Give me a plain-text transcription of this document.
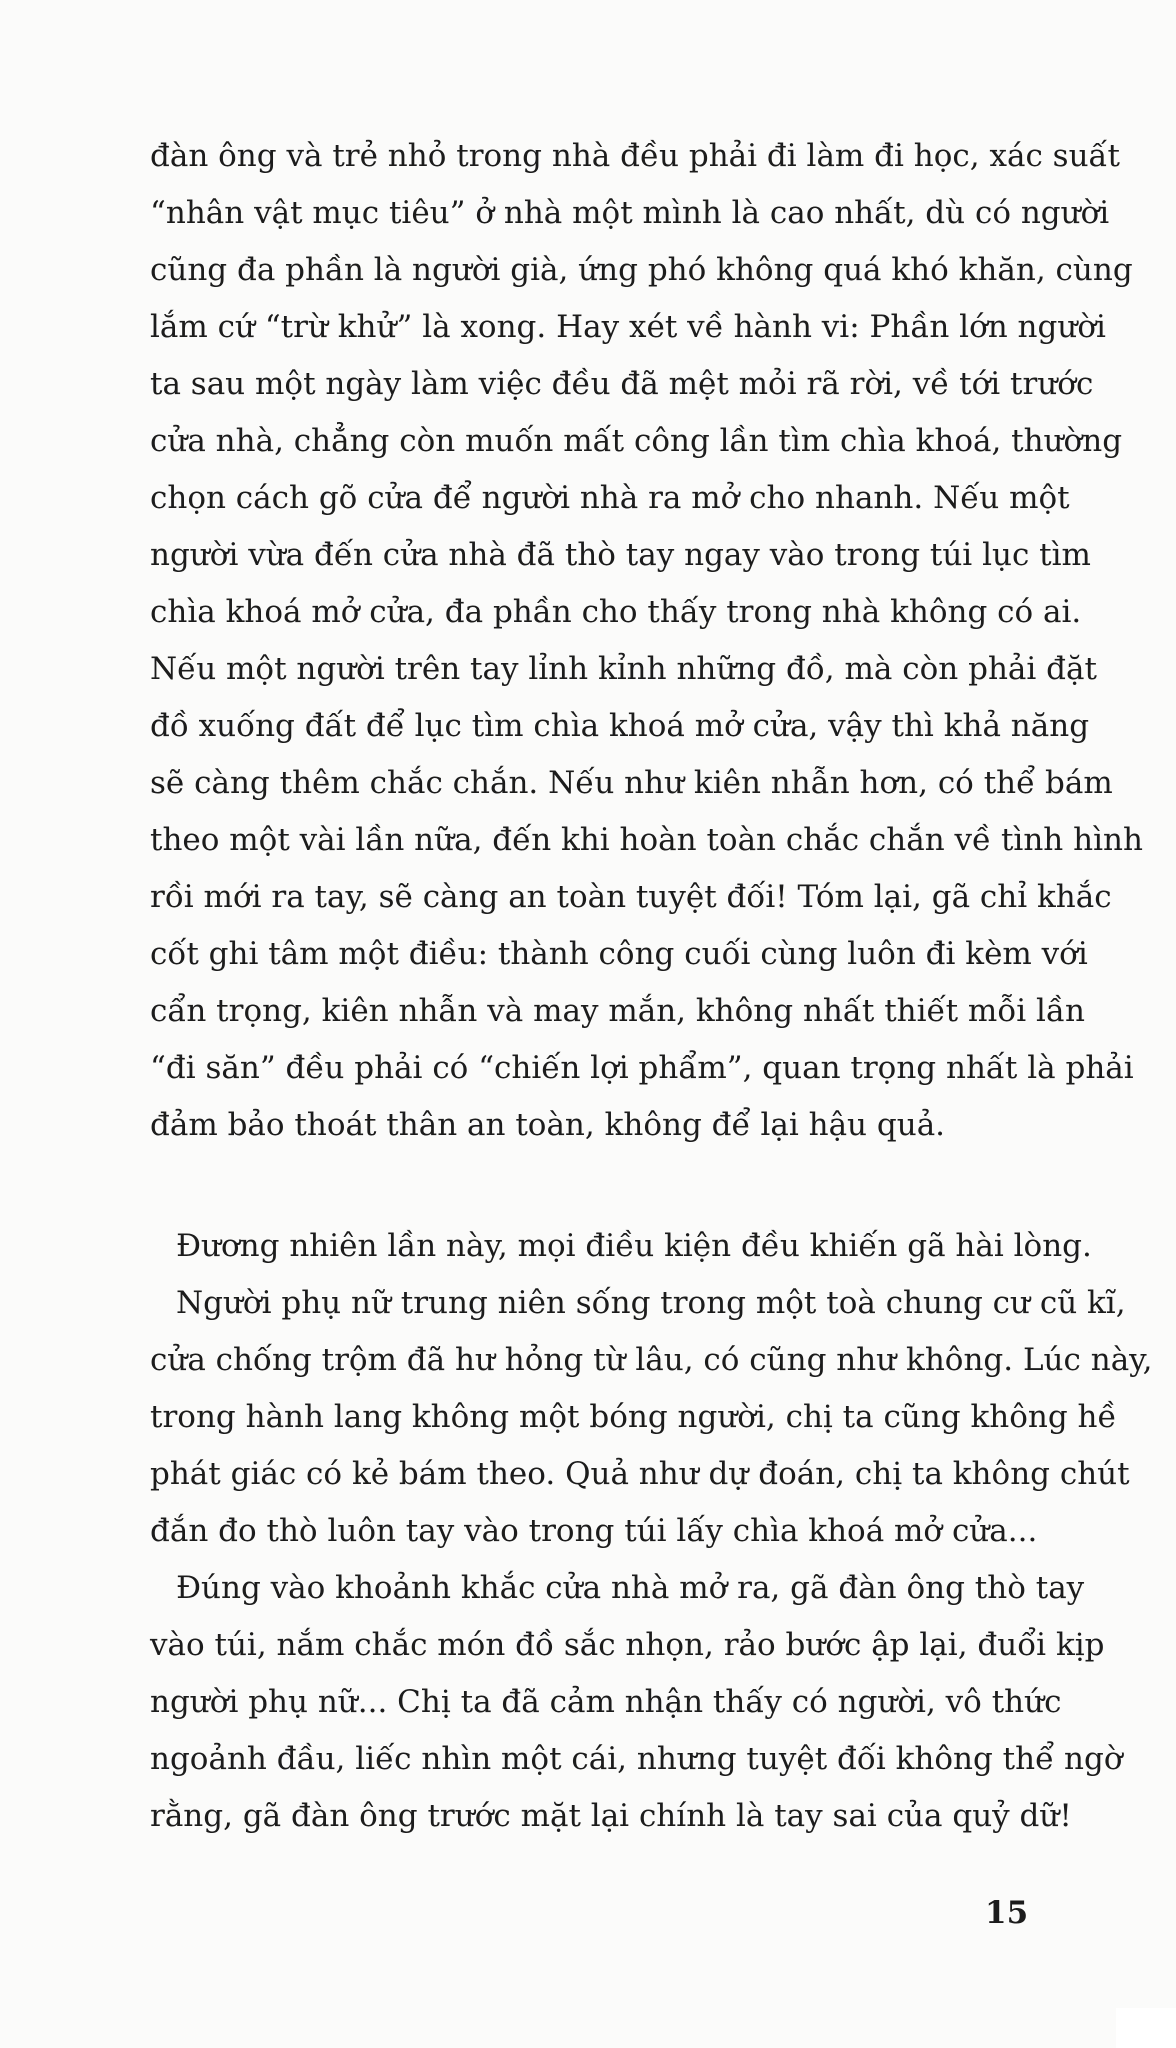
đàn ông và trẻ nhỏ trong nhà đều phải đi làm đi học, xác suất
“nhân vật mục tiêu” ở nhà một mình là cao nhất, dù có người
cũng đa phần là người già, ứng phó không quá khó khăn, cùng
lắm cứ “trừ khử” là xong. Hay xét về hành vi: Phần lớn người
ta sau một ngày làm việc đều đã mệt mỏi rã rời, về tới trước
cửa nhà, chẳng còn muốn mất công lần tìm chìa khoá, thường
chọn cách gõ cửa để người nhà ra mở cho nhanh. Nếu một
người vừa đến cửa nhà đã thò tay ngay vào trong túi lục tìm
chìa khoá mở cửa, đa phần cho thấy trong nhà không có ai.
Nếu một người trên tay lỉnh kỉnh những đồ, mà còn phải đặt
đồ xuống đất để lục tìm chìa khoá mở cửa, vậy thì khả năng
sẽ càng thêm chắc chắn. Nếu như kiên nhẫn hơn, có thể bám
theo một vài lần nữa, đến khi hoàn toàn chắc chắn về tình hình
rồi mới ra tay, sẽ càng an toàn tuyệt đối! Tóm lại, gã chỉ khắc
cốt ghi tâm một điều: thành công cuối cùng luôn đi kèm với
cẩn trọng, kiên nhẫn và may mắn, không nhất thiết mỗi lần
“đi săn” đều phải có “chiến lợi phẩm”, quan trọng nhất là phải
đảm bảo thoát thân an toàn, không để lại hậu quả.
Đương nhiên lần này, mọi điều kiện đều khiến gã hài lòng.
Người phụ nữ trung niên sống trong một toà chung cư cũ kĩ,
cửa chống trộm đã hư hỏng từ lâu, có cũng như không. Lúc này,
trong hành lang không một bóng người, chị ta cũng không hề
phát giác có kẻ bám theo. Quả như dự đoán, chị ta không chút
đắn đo thò luôn tay vào trong túi lấy chìa khoá mở cửa...
Đúng vào khoảnh khắc cửa nhà mở ra, gã đàn ông thò tay
vào túi, nắm chắc món đồ sắc nhọn, rảo bước ập lại, đuổi kịp
người phụ nữ... Chị ta đã cảm nhận thấy có người, vô thức
ngoảnh đầu, liếc nhìn một cái, nhưng tuyệt đối không thể ngờ
rằng, gã đàn ông trước mặt lại chính là tay sai của quỷ dữ!
15
